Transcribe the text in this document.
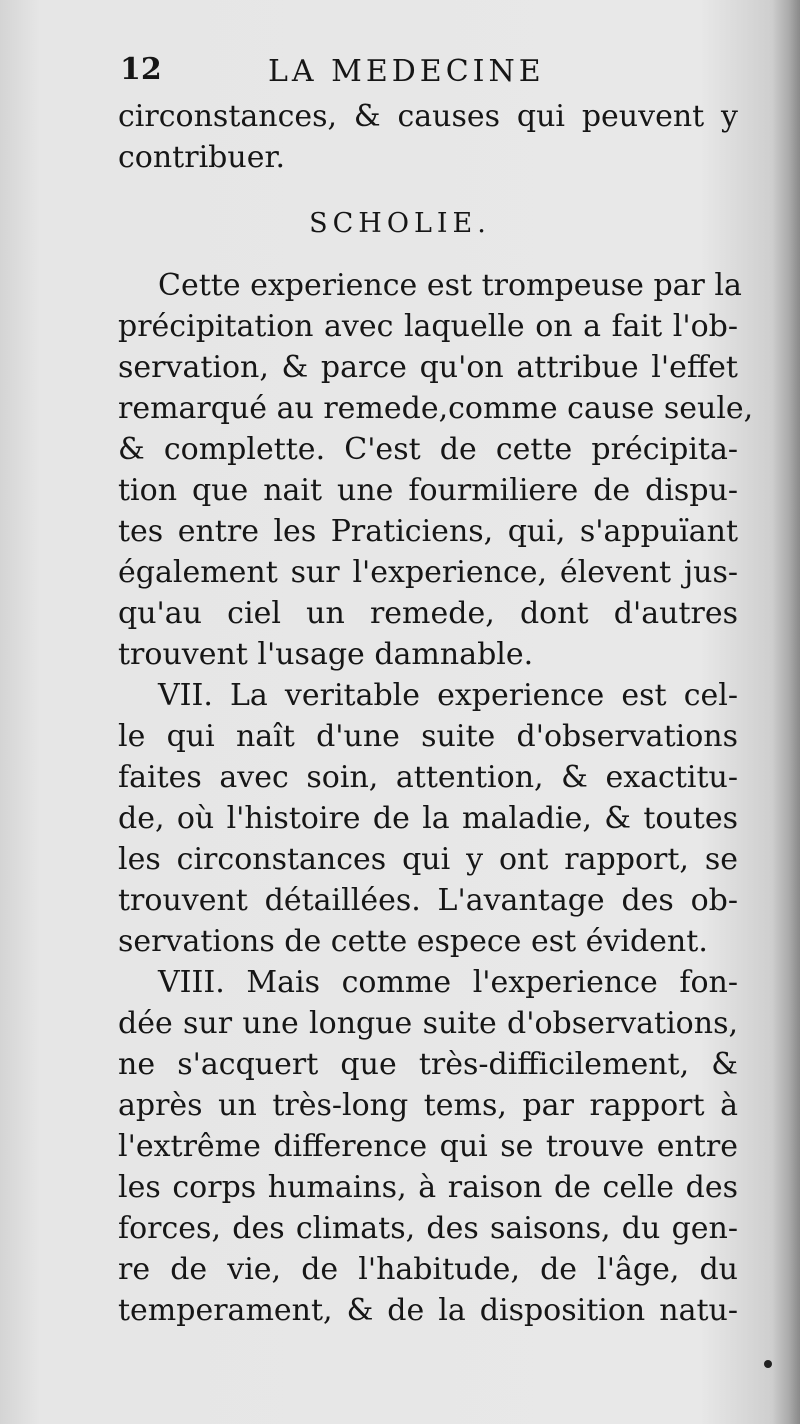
12	LA MEDECINE
circonstances, & causes qui peuvent y
contribuer.
SCHOLIE.

Cette experience est trompeuse par la
précipitation avec laquelle on a fait l'ob-
servation, & parce qu'on attribue l'effet
remarqué au remede,comme cause seule,
& complette. C'est de cette précipita-
tion que nait une fourmiliere de dispu-
tes entre les Praticiens, qui, s'appuïant
également sur l'experience, élevent jus-
qu'au ciel un remede, dont d'autres
trouvent l'usage damnable.

VII. La veritable experience est cel-
le qui naît d'une suite d'observations
faites avec soin, attention, & exactitu-
de, où l'histoire de la maladie, & toutes
les circonstances qui y ont rapport, se
trouvent détaillées. L'avantage des ob-
servations de cette espece est évident.

VIII. Mais comme l'experience fon-
dée sur une longue suite d'observations,
ne s'acquert que très-difficilement, &
après un très-long tems, par rapport à
l'extrême difference qui se trouve entre
les corps humains, à raison de celle des
forces, des climats, des saisons, du gen-
re de vie, de l'habitude, de l'âge, du
temperament, & de la disposition natu-
